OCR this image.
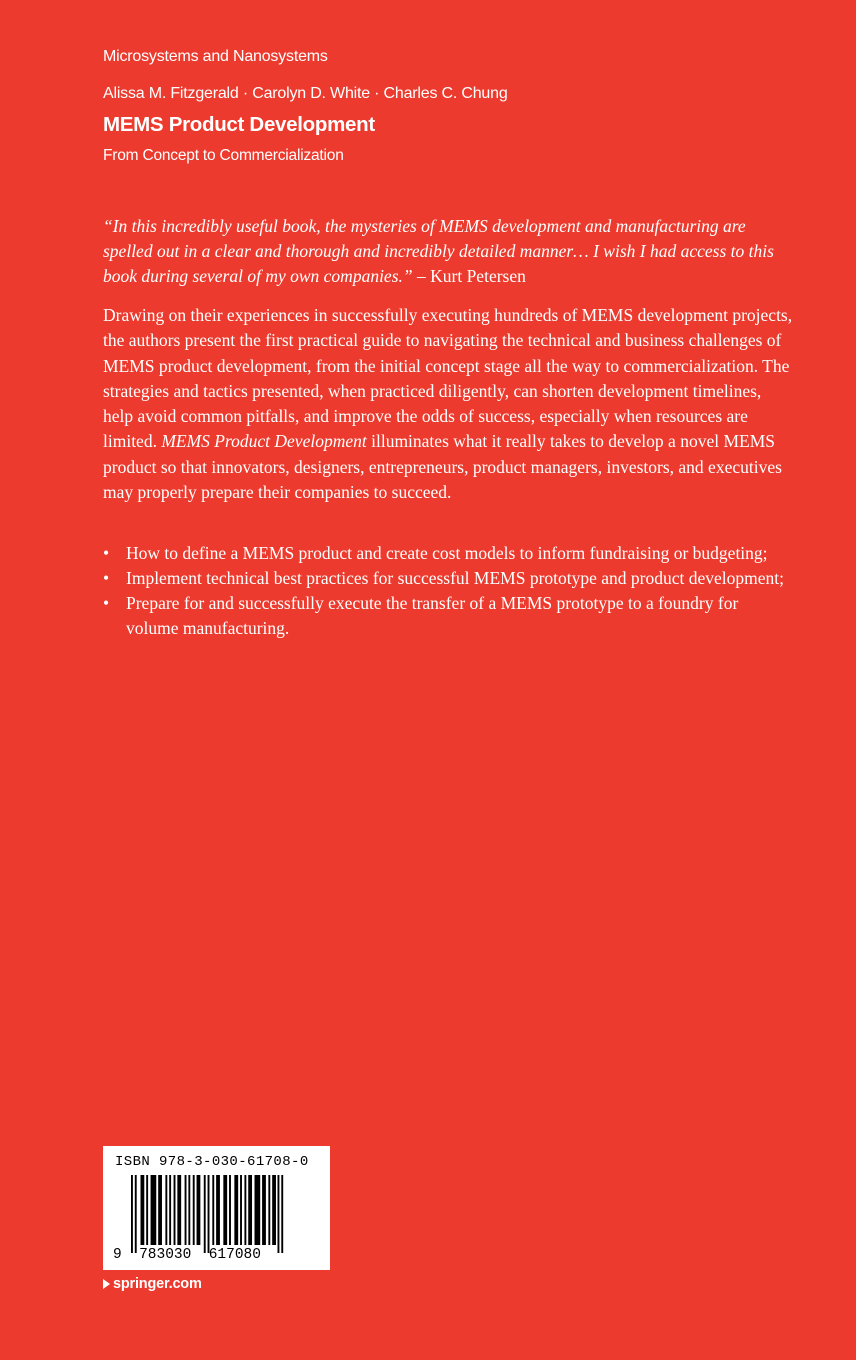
Microsystems and Nanosystems
Alissa M. Fitzgerald · Carolyn D. White · Charles C. Chung
MEMS Product Development
From Concept to Commercialization
“In this incredibly useful book, the mysteries of MEMS development and manufacturing are spelled out in a clear and thorough and incredibly detailed manner… I wish I had access to this book during several of my own companies.” – Kurt Petersen
Drawing on their experiences in successfully executing hundreds of MEMS development projects, the authors present the first practical guide to navigating the technical and business challenges of MEMS product development, from the initial concept stage all the way to commercialization. The strategies and tactics presented, when practiced diligently, can shorten development timelines, help avoid common pitfalls, and improve the odds of success, especially when resources are limited. MEMS Product Development illuminates what it really takes to develop a novel MEMS product so that innovators, designers, entrepreneurs, product managers, investors, and executives may properly prepare their companies to succeed.
• How to define a MEMS product and create cost models to inform fundraising or budgeting;
• Implement technical best practices for successful MEMS prototype and product development;
• Prepare for and successfully execute the transfer of a MEMS prototype to a foundry for volume manufacturing.
ISBN 978-3-030-61708-0
9 783030 617080
springer.com
